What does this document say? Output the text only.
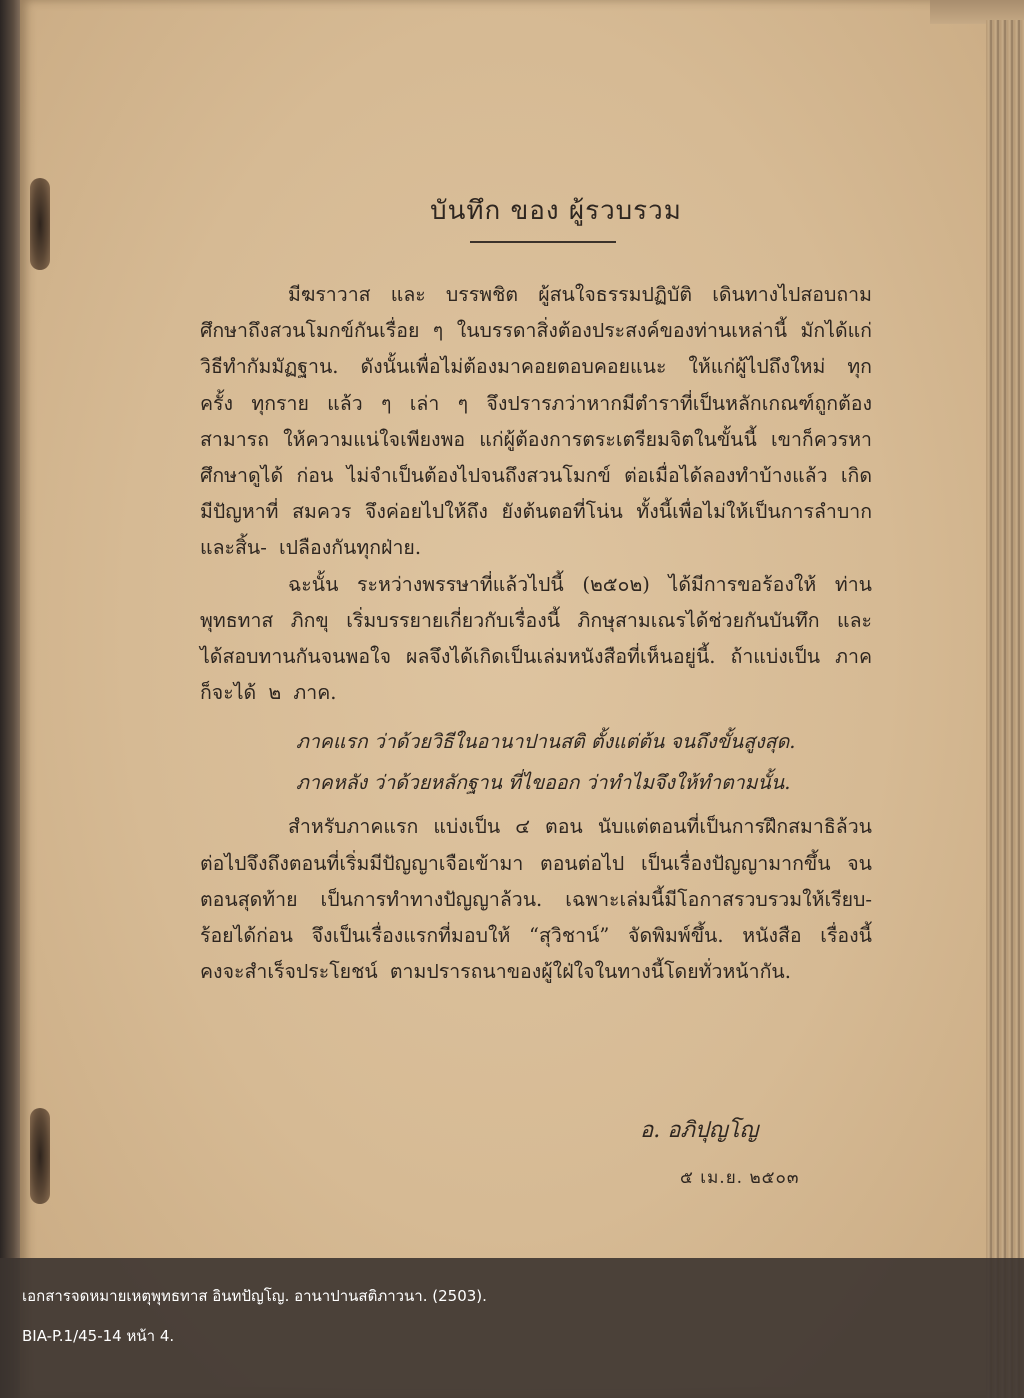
บันทึก ของ ผู้รวบรวม

มีฆราวาส และ บรรพชิต ผู้สนใจธรรมปฏิบัติ เดินทางไปสอบถาม ศึกษาถึงสวนโมกข์กันเรื่อย ๆ ในบรรดาสิ่งต้องประสงค์ของท่านเหล่านี้ มักได้แก่ วิธีทำกัมมัฏฐาน. ดังนั้นเพื่อไม่ต้องมาคอยตอบคอยแนะ ให้แก่ผู้ไปถึงใหม่ ทุกครั้ง ทุกราย แล้ว ๆ เล่า ๆ จึงปรารภว่าหากมีตำราที่เป็นหลักเกณฑ์ถูกต้อง สามารถ ให้ความแน่ใจเพียงพอ แก่ผู้ต้องการตระเตรียมจิตในขั้นนี้ เขาก็ควรหาศึกษาดูได้ ก่อน ไม่จำเป็นต้องไปจนถึงสวนโมกข์ ต่อเมื่อได้ลองทำบ้างแล้ว เกิดมีปัญหาที่ สมควร จึงค่อยไปให้ถึง ยังต้นตอที่โน่น ทั้งนี้เพื่อไม่ให้เป็นการลำบากและสิ้น- เปลืองกันทุกฝ่าย.

ฉะนั้น ระหว่างพรรษาที่แล้วไปนี้ (๒๕๐๒) ได้มีการขอร้องให้ ท่าน พุทธทาส ภิกขุ เริ่มบรรยายเกี่ยวกับเรื่องนี้ ภิกษุสามเณรได้ช่วยกันบันทึก และได้สอบทานกันจนพอใจ ผลจึงได้เกิดเป็นเล่มหนังสือที่เห็นอยู่นี้. ถ้าแบ่งเป็น ภาค ก็จะได้ ๒ ภาค.

ภาคแรก ว่าด้วยวิธีในอานาปานสติ ตั้งแต่ต้น จนถึงขั้นสูงสุด.

ภาคหลัง ว่าด้วยหลักฐาน ที่ไขออก ว่าทำไมจึงให้ทำตามนั้น.

สำหรับภาคแรก แบ่งเป็น ๔ ตอน นับแต่ตอนที่เป็นการฝึกสมาธิล้วน ต่อไปจึงถึงตอนที่เริ่มมีปัญญาเจือเข้ามา ตอนต่อไป เป็นเรื่องปัญญามากขึ้น จนตอนสุดท้าย เป็นการทำทางปัญญาล้วน. เฉพาะเล่มนี้มีโอกาสรวบรวมให้เรียบ- ร้อยได้ก่อน จึงเป็นเรื่องแรกที่มอบให้ “สุวิชาน์” จัดพิมพ์ขึ้น. หนังสือ เรื่องนี้คงจะสำเร็จประโยชน์ ตามปรารถนาของผู้ใฝ่ใจในทางนี้โดยทั่วหน้ากัน.

อ. อภิปุญโญ
๕ เม.ย. ๒๕๐๓

เอกสารจดหมายเหตุพุทธทาส อินทปัญโญ. อานาปานสติภาวนา. (2503).

BIA-P.1/45-14 หน้า 4.
